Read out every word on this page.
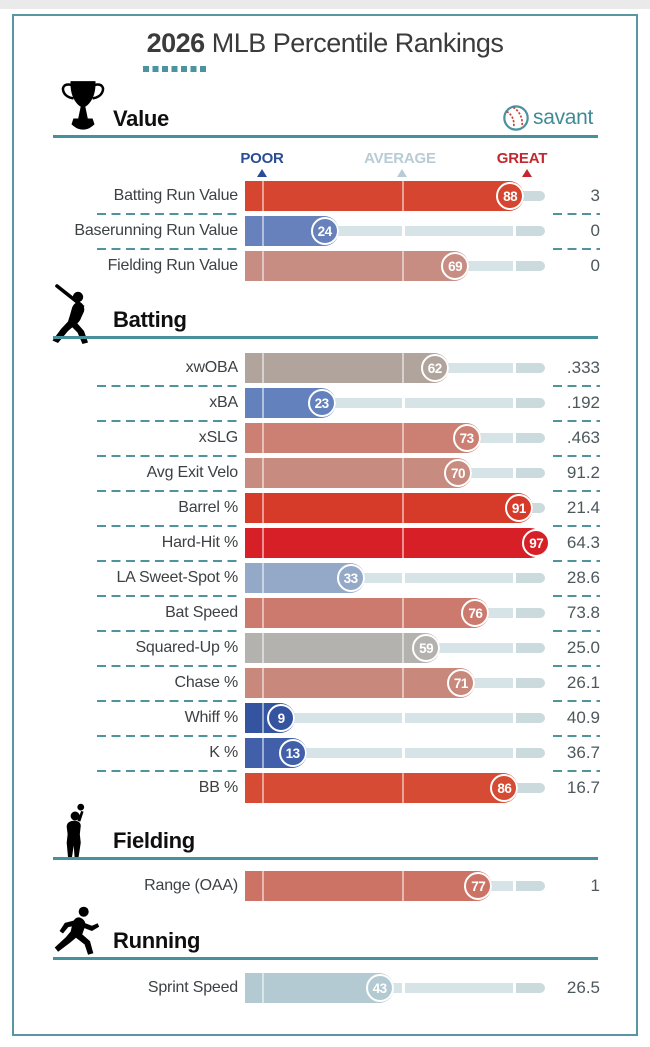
2026 MLB Percentile Rankings
Value	savant
POOR	AVERAGE	GREAT
Batting Run Value	88	3
Baserunning Run Value	24	0
Fielding Run Value	69	0
Batting
xwOBA	62	.333
xBA	23	.192
xSLG	73	.463
Avg Exit Velo	70	91.2
Barrel %	91	21.4
Hard-Hit %	97	64.3
LA Sweet-Spot %	33	28.6
Bat Speed	76	73.8
Squared-Up %	59	25.0
Chase %	71	26.1
Whiff %	9	40.9
K %	13	36.7
BB %	86	16.7
Fielding
Range (OAA)	77	1
Running
Sprint Speed	43	26.5
